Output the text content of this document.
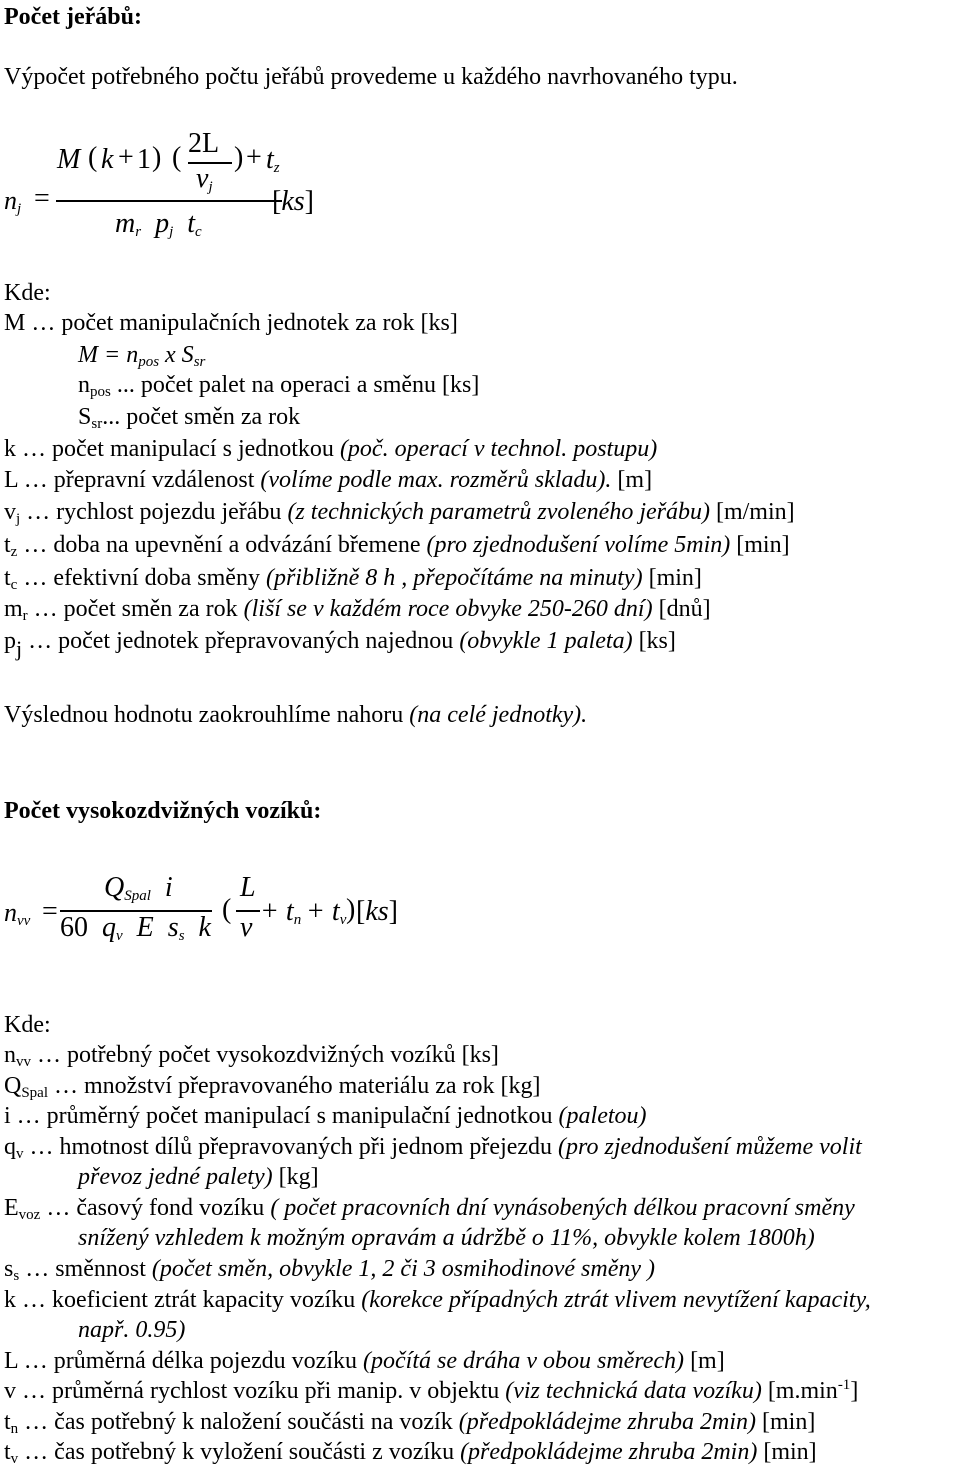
Počet jeřábů:
Výpočet potřebného počtu jeřábů provedeme u každého navrhovaného typu.
$n_j$ =
M ( k + 1 ) ( 2L
$v_j$
) + $t_z$
$m_r$ $p_j$ $t_c$
[ks]
Kde:
M … počet manipulačních jednotek za rok [ks]
$M = n_{pos}$ x $S_{sr}$
$n_{pos}$ ... počet palet na operaci a směnu [ks]
$S_{sr}$... počet směn za rok
k … počet manipulací s jednotkou (poč. operací v technol. postupu)
L … přepravní vzdálenost (volíme podle max. rozměrů skladu). [m]
$v_j$ … rychlost pojezdu jeřábu (z technických parametrů zvoleného jeřábu) [m/min]
$t_z$ … doba na upevnění a odvázání břemene (pro zjednodušení volíme 5min) [min]
$t_c$ … efektivní doba směny (přibližně 8 h , přepočítáme na minuty) [min]
$m_r$ … počet směn za rok (liší se v každém roce obvyke 250-260 dní) [dnů]
$p_j$ … počet jednotek přepravovaných najednou (obvykle 1 paleta) [ks]
Výslednou hodnotu zaokrouhlíme nahoru (na celé jednotky).
Počet vysokozdvižných vozíků:
$n_{vv}$ =
$Q_{Spal}$ i
60 $q_v$ E $s_s$ k
(
L
v
+ $t_n + t_v$ ) [ks]
Kde:
$n_{vv}$ … potřebný počet vysokozdvižných vozíků [ks]
$Q_{Spal}$ … množství přepravovaného materiálu za rok [kg]
i … průměrný počet manipulací s manipulační jednotkou (paletou)
$q_v$ … hmotnost dílů přepravovaných při jednom přejezdu (pro zjednodušení můžeme volit
převoz jedné palety) [kg]
$E_{voz}$ … časový fond vozíku ( počet pracovních dní vynásobených délkou pracovní směny
snížený vzhledem k možným opravám a údržbě o 11%, obvykle kolem 1800h)
$s_s$ … směnnost (počet směn, obvykle 1, 2 či 3 osmihodinové směny )
k … koeficient ztrát kapacity vozíku (korekce případných ztrát vlivem nevytížení kapacity,
např. 0.95)
L … průměrná délka pojezdu vozíku (počítá se dráha v obou směrech) [m]
v … průměrná rychlost vozíku při manip. v objektu (viz technická data vozíku) $[m.\min^{-1}]$
$t_n$ … čas potřebný k naložení součásti na vozík (předpokládejme zhruba 2min) [min]
$t_v$ … čas potřebný k vyložení součásti z vozíku (předpokládejme zhruba 2min) [min]
